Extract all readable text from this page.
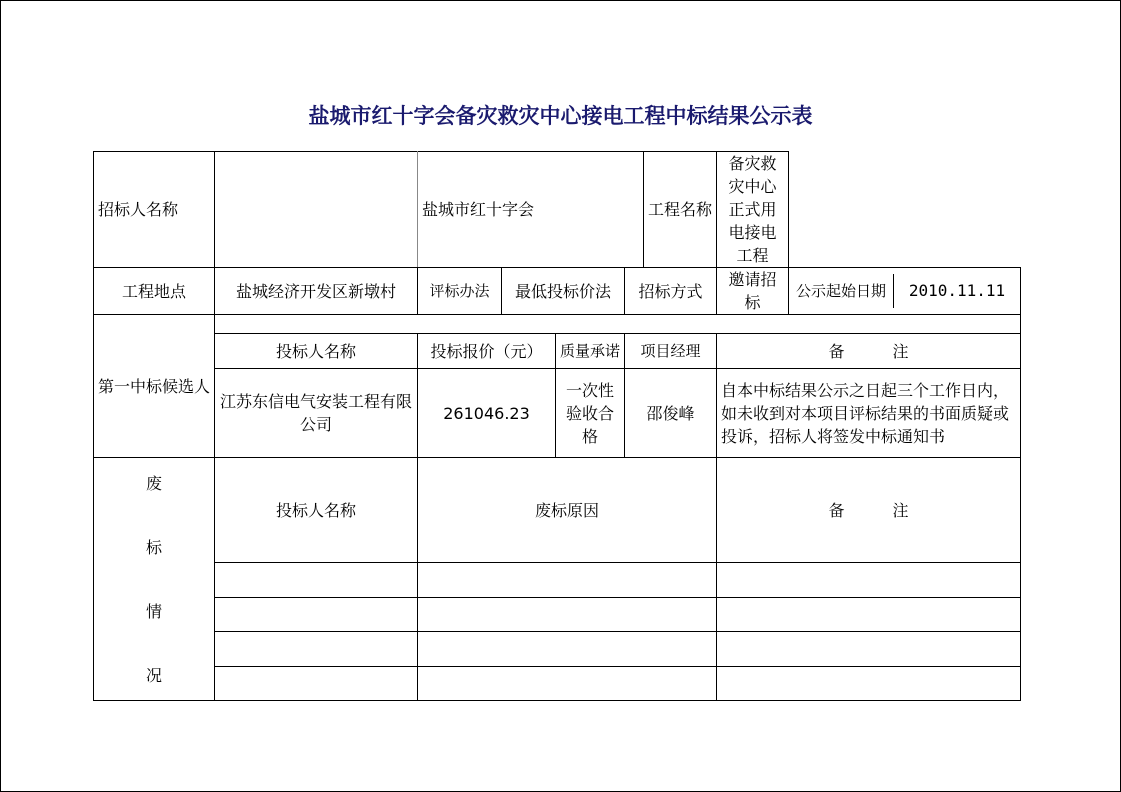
盐城市红十字会备灾救灾中心接电工程中标结果公示表
招标人名称		盐城市红十字会				工程名称	备灾救灾中心正式用电接电工程	
工程地点	盐城经济开发区新墩村	评标办法	最低投标价法		招标方式		邀请招标	公示起始日期 2010.11.11

第一中标候选人								
	投标人名称	投标报价（元）		质量承诺	项目经理		备　　　注
	江苏东信电气安装工程有限公司	261046.23		一次性验收合格	邵俊峰		自本中标结果公示之日起三个工作日内，如未收到对本项目评标结果的书面质疑或投诉，招标人将签发中标通知书

废
标
情
况	投标人名称	废标原因					备　　　注
